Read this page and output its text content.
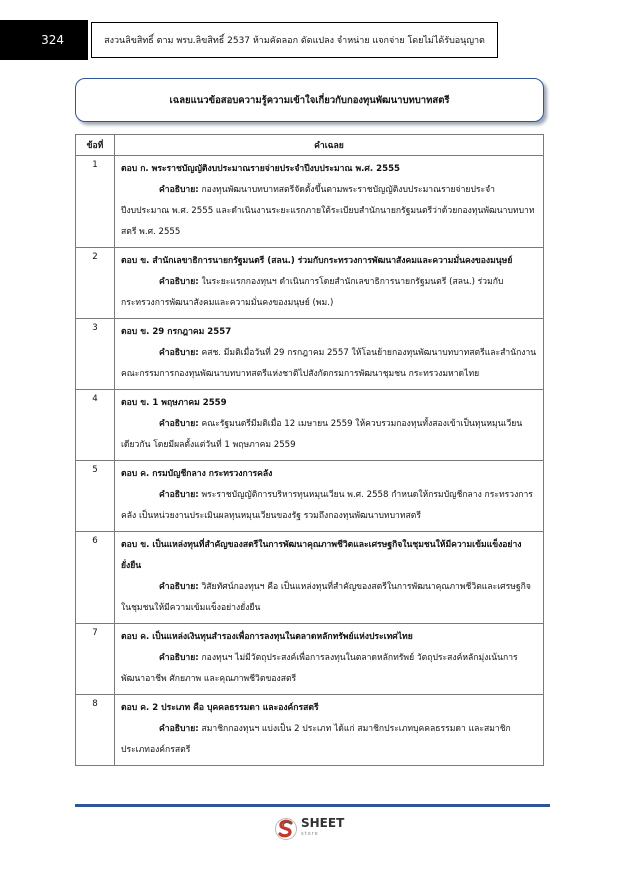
324	สงวนลิขสิทธิ์ ตาม พรบ.ลิขสิทธิ์ 2537 ห้ามคัดลอก ดัดแปลง จำหน่าย แจกจ่าย โดยไม่ได้รับอนุญาต
เฉลยแนวข้อสอบความรู้ความเข้าใจเกี่ยวกับกองทุนพัฒนาบทบาทสตรี
ข้อที่	คำเฉลย
1	ตอบ ก. พระราชบัญญัติงบประมาณรายจ่ายประจำปีงบประมาณ พ.ศ. 2555
คำอธิบาย: กองทุนพัฒนาบทบาทสตรีจัดตั้งขึ้นตามพระราชบัญญัติงบประมาณรายจ่ายประจำปีงบประมาณ พ.ศ. 2555 และดำเนินงานระยะแรกภายใต้ระเบียบสำนักนายกรัฐมนตรีว่าด้วยกองทุนพัฒนาบทบาทสตรี พ.ศ. 2555

2	ตอบ ข. สำนักเลขาธิการนายกรัฐมนตรี (สลน.) ร่วมกับกระทรวงการพัฒนาสังคมและความมั่นคงของมนุษย์
คำอธิบาย: ในระยะแรกกองทุนฯ ดำเนินการโดยสำนักเลขาธิการนายกรัฐมนตรี (สลน.) ร่วมกับกระทรวงการพัฒนาสังคมและความมั่นคงของมนุษย์ (พม.)

3	ตอบ ข. 29 กรกฎาคม 2557
คำอธิบาย: คสช. มีมติเมื่อวันที่ 29 กรกฎาคม 2557 ให้โอนย้ายกองทุนพัฒนาบทบาทสตรีและสำนักงานคณะกรรมการกองทุนพัฒนาบทบาทสตรีแห่งชาติไปสังกัดกรมการพัฒนาชุมชน กระทรวงมหาดไทย

4	ตอบ ข. 1 พฤษภาคม 2559
คำอธิบาย: คณะรัฐมนตรีมีมติเมื่อ 12 เมษายน 2559 ให้ควบรวมกองทุนทั้งสองเข้าเป็นทุนหมุนเวียนเดียวกัน โดยมีผลตั้งแต่วันที่ 1 พฤษภาคม 2559

5	ตอบ ค. กรมบัญชีกลาง กระทรวงการคลัง
คำอธิบาย: พระราชบัญญัติการบริหารทุนหมุนเวียน พ.ศ. 2558 กำหนดให้กรมบัญชีกลาง กระทรวงการคลัง เป็นหน่วยงานประเมินผลทุนหมุนเวียนของรัฐ รวมถึงกองทุนพัฒนาบทบาทสตรี

6	ตอบ ข. เป็นแหล่งทุนที่สำคัญของสตรีในการพัฒนาคุณภาพชีวิตและเศรษฐกิจในชุมชนให้มีความเข้มแข็งอย่างยั่งยืน
คำอธิบาย: วิสัยทัศน์กองทุนฯ คือ เป็นแหล่งทุนที่สำคัญของสตรีในการพัฒนาคุณภาพชีวิตและเศรษฐกิจในชุมชนให้มีความเข้มแข็งอย่างยั่งยืน

7	ตอบ ค. เป็นแหล่งเงินทุนสำรองเพื่อการลงทุนในตลาดหลักทรัพย์แห่งประเทศไทย
คำอธิบาย: กองทุนฯ ไม่มีวัตถุประสงค์เพื่อการลงทุนในตลาดหลักทรัพย์ วัตถุประสงค์หลักมุ่งเน้นการพัฒนาอาชีพ ศักยภาพ และคุณภาพชีวิตของสตรี

8	ตอบ ค. 2 ประเภท คือ บุคคลธรรมดา และองค์กรสตรี
คำอธิบาย: สมาชิกกองทุนฯ แบ่งเป็น 2 ประเภท ได้แก่ สมาชิกประเภทบุคคลธรรมดา และสมาชิกประเภทองค์กรสตรี
SHEET
store
